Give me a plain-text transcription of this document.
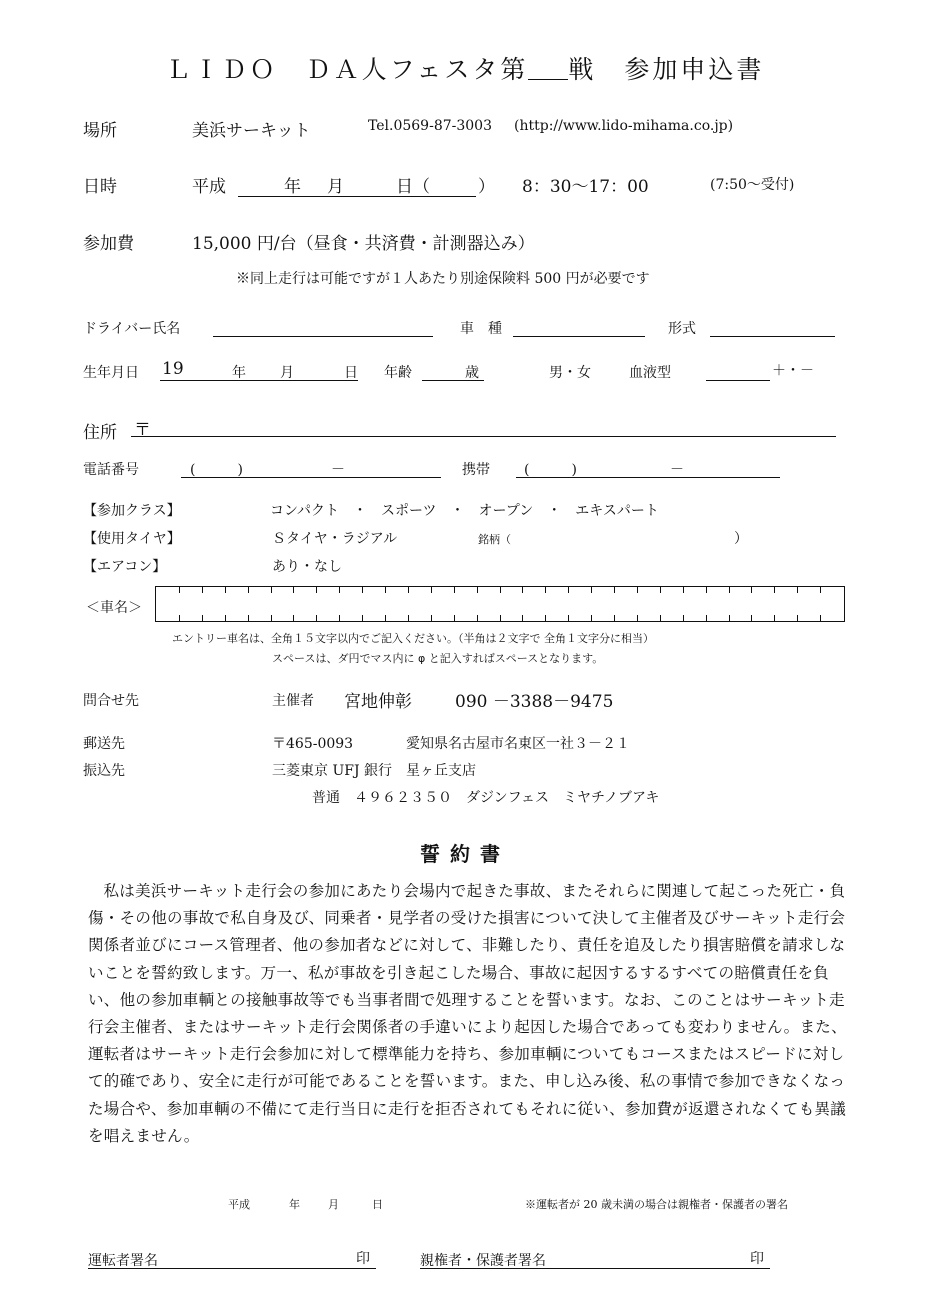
ＬＩＤＯ　ＤＡ人フェスタ第 戦　参加申込書
場所	美浜サーキット	Tel.0569-87-3003 (http://www.lido-mihama.co.jp)
日時	平成	年 月	日（	） 8：30〜17：00	(7:50〜受付)
参加費	15,000 円/台（昼食・共済費・計測器込み）
※同上走行は可能ですが１人あたり別途保険料 500 円が必要です
ドライバー氏名	車　種	形式
生年月日 19	年 月	日 年齢	歳	男・女	血液型	＋・－
住所 〒
電話番号	(　　　)	－	携帯 (　　　)	－
【参加クラス】	コンパクト　・　スポーツ　・　オープン　・　エキスパート
【使用タイヤ】	Ｓタイヤ・ラジアル	銘柄（	）
【エアコン】	あり・なし
＜車名＞
エントリー車名は、全角１５文字以内でご記入ください。（半角は２文字で 全角１文字分に相当）
スペースは、ダ円でマス内に φ と記入すればスペースとなります。
問合せ先	主催者 宮地伸彰	090 －3388－9475
郵送先	〒465-0093	愛知県名古屋市名東区一社３－２１
振込先	三菱東京 UFJ 銀行　星ヶ丘支店
普通　４９６２３５０　ダジンフェス　ミヤチノブアキ
誓約書
私は美浜サーキット走行会の参加にあたり会場内で起きた事故、またそれらに関連して起こった死亡・負傷・その他の事故で私自身及び、同乗者・見学者の受けた損害について決して主催者及びサーキット走行会関係者並びにコース管理者、他の参加者などに対して、非難したり、責任を追及したり損害賠償を請求しないことを誓約致します。万一、私が事故を引き起こした場合、事故に起因するするすべての賠償責任を負い、他の参加車輌との接触事故等でも当事者間で処理することを誓います。なお、このことはサーキット走行会主催者、またはサーキット走行会関係者の手違いにより起因した場合であっても変わりません。また、運転者はサーキット走行会参加に対して標準能力を持ち、参加車輌についてもコースまたはスピードに対して的確であり、安全に走行が可能であることを誓います。また、申し込み後、私の事情で参加できなくなった場合や、参加車輌の不備にて走行当日に走行を拒否されてもそれに従い、参加費が返還されなくても異議を唱えません。
平成	年	月	日	※運転者が 20 歳未満の場合は親権者・保護者の署名
運転者署名	印	親権者・保護者署名	印
